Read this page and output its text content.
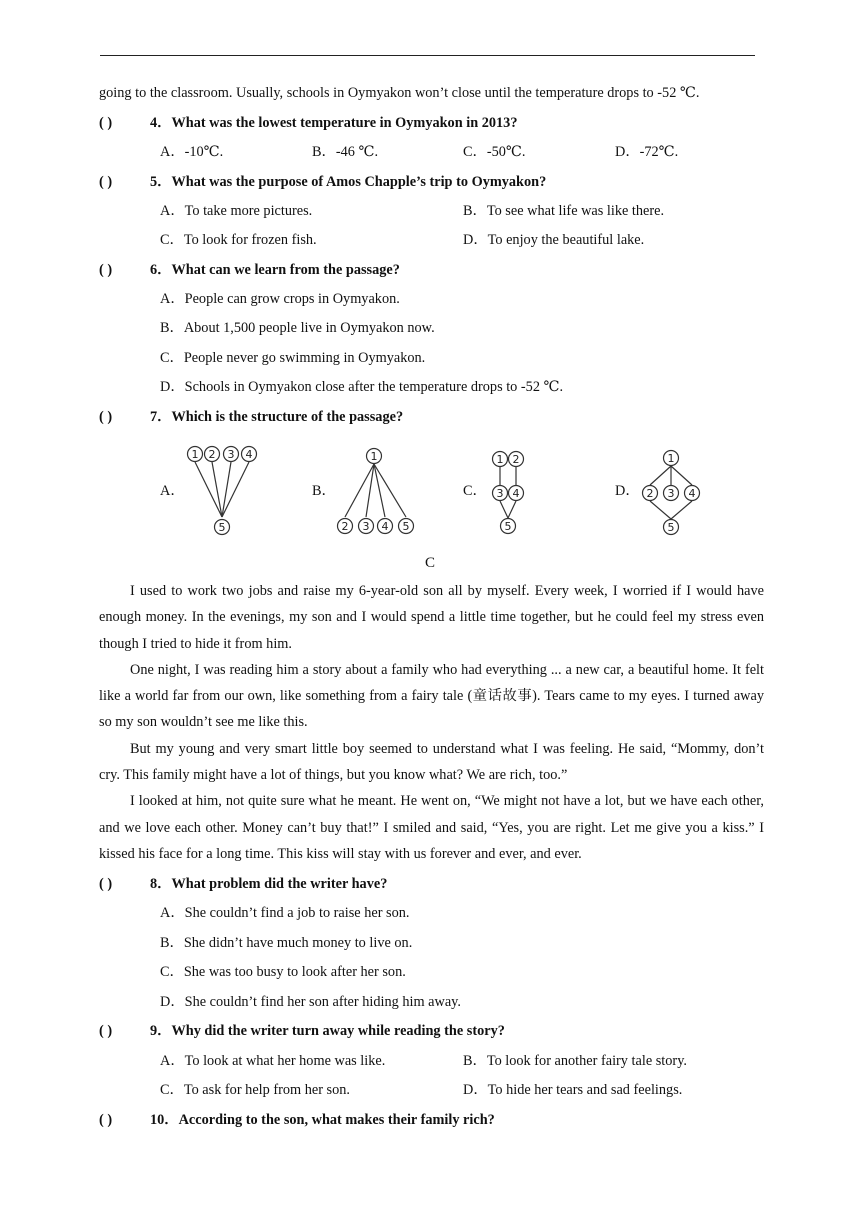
going to the classroom. Usually, schools in Oymyakon won’t close until the temperature drops to -52 ℃.
( )	4．What was the lowest temperature in Oymyakon in 2013?
A．-10℃.	B．-46 ℃.	C．-50℃.	D．-72℃.
( )	5．What was the purpose of Amos Chapple’s trip to Oymyakon?
A．To take more pictures.	B．To see what life was like there.
C．To look for frozen fish.	D．To enjoy the beautiful lake.
( )	6．What can we learn from the passage?
A．People can grow crops in Oymyakon.
B．About 1,500 people live in Oymyakon now.
C．People never go swimming in Oymyakon.
D．Schools in Oymyakon close after the temperature drops to -52 ℃.
( )	7．Which is the structure of the passage?
A．
1 2 3 4
5
B．
1
2 3 4 5
C．
1 2
3 4
5
D．
1
2 3 4
5
C

I used to work two jobs and raise my 6-year-old son all by myself. Every week, I worried if I would have enough money. In the evenings, my son and I would spend a little time together, but he could feel my stress even though I tried to hide it from him.

One night, I was reading him a story about a family who had everything ... a new car, a beautiful home. It felt like a world far from our own, like something from a fairy tale (童话故事). Tears came to my eyes. I turned away so my son wouldn’t see me like this.

But my young and very smart little boy seemed to understand what I was feeling. He said, “Mommy, don’t cry. This family might have a lot of things, but you know what? We are rich, too.”

I looked at him, not quite sure what he meant. He went on, “We might not have a lot, but we have each other, and we love each other. Money can’t buy that!” I smiled and said, “Yes, you are right. Let me give you a kiss.” I kissed his face for a long time. This kiss will stay with us forever and ever, and ever.

( )	8．What problem did the writer have?
A．She couldn’t find a job to raise her son.
B．She didn’t have much money to live on.
C．She was too busy to look after her son.
D．She couldn’t find her son after hiding him away.
( )	9．Why did the writer turn away while reading the story?
A．To look at what her home was like.	B．To look for another fairy tale story.
C．To ask for help from her son.	D．To hide her tears and sad feelings.
( )	10．According to the son, what makes their family rich?
